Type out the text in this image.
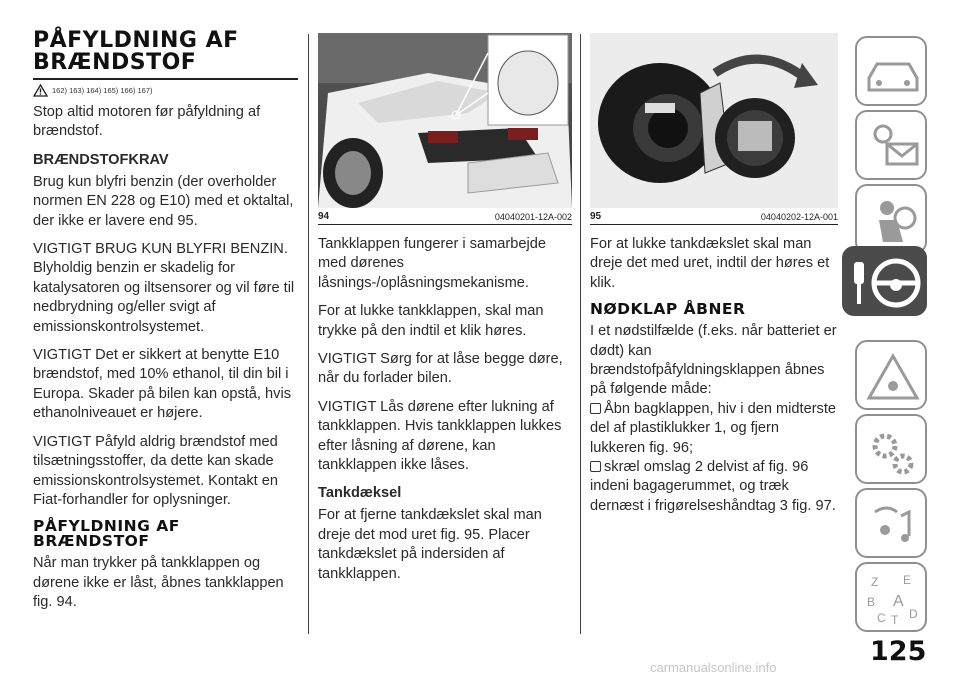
PÅFYLDNING AF
BRÆNDSTOF

162) 163) 164) 165) 166) 167)

Stop altid motoren før påfyldning af brændstof.

BRÆNDSTOFKRAV

Brug kun blyfri benzin (der overholder normen EN 228 og E10) med et oktaltal, der ikke er lavere end 95.

VIGTIGT BRUG KUN BLYFRI BENZIN. Blyholdig benzin er skadelig for katalysatoren og iltsensorer og vil føre til nedbrydning og/eller svigt af emissionskontrolsystemet.

VIGTIGT Det er sikkert at benytte E10 brændstof, med 10% ethanol, til din bil i Europa. Skader på bilen kan opstå, hvis ethanolniveauet er højere.

VIGTIGT Påfyld aldrig brændstof med tilsætningsstoffer, da dette kan skade emissionskontrolsystemet. Kontakt en Fiat-forhandler for oplysninger.

PÅFYLDNING AF
BRÆNDSTOF

Når man trykker på tankklappen og dørene ikke er låst, åbnes tankklappen fig. 94.

94	04040201-12A-002

Tankklappen fungerer i samarbejde med dørenes låsnings-/oplåsningsmekanisme.

For at lukke tankklappen, skal man trykke på den indtil et klik høres.

VIGTIGT Sørg for at låse begge døre, når du forlader bilen.

VIGTIGT Lås dørene efter lukning af tankklappen. Hvis tankklappen lukkes efter låsning af dørene, kan tankklappen ikke låses.

Tankdæksel

For at fjerne tankdækslet skal man dreje det mod uret fig. 95. Placer tankdækslet på indersiden af tankklappen.

95	04040202-12A-001

For at lukke tankdækslet skal man dreje det med uret, indtil der høres et klik.

NØDKLAP ÅBNER

I et nødstilfælde (f.eks. når batteriet er dødt) kan brændstofpåfyldningsklappen åbnes på følgende måde:

Åbn bagklappen, hiv i den midterste del af plastiklukker 1, og fjern lukkeren fig. 96;

skræl omslag 2 delvist af fig. 96 indeni bagagerummet, og træk dernæst i frigørelseshåndtag 3 fig. 97.

Z E
B A
C T D
125
carmanualsonline.info
